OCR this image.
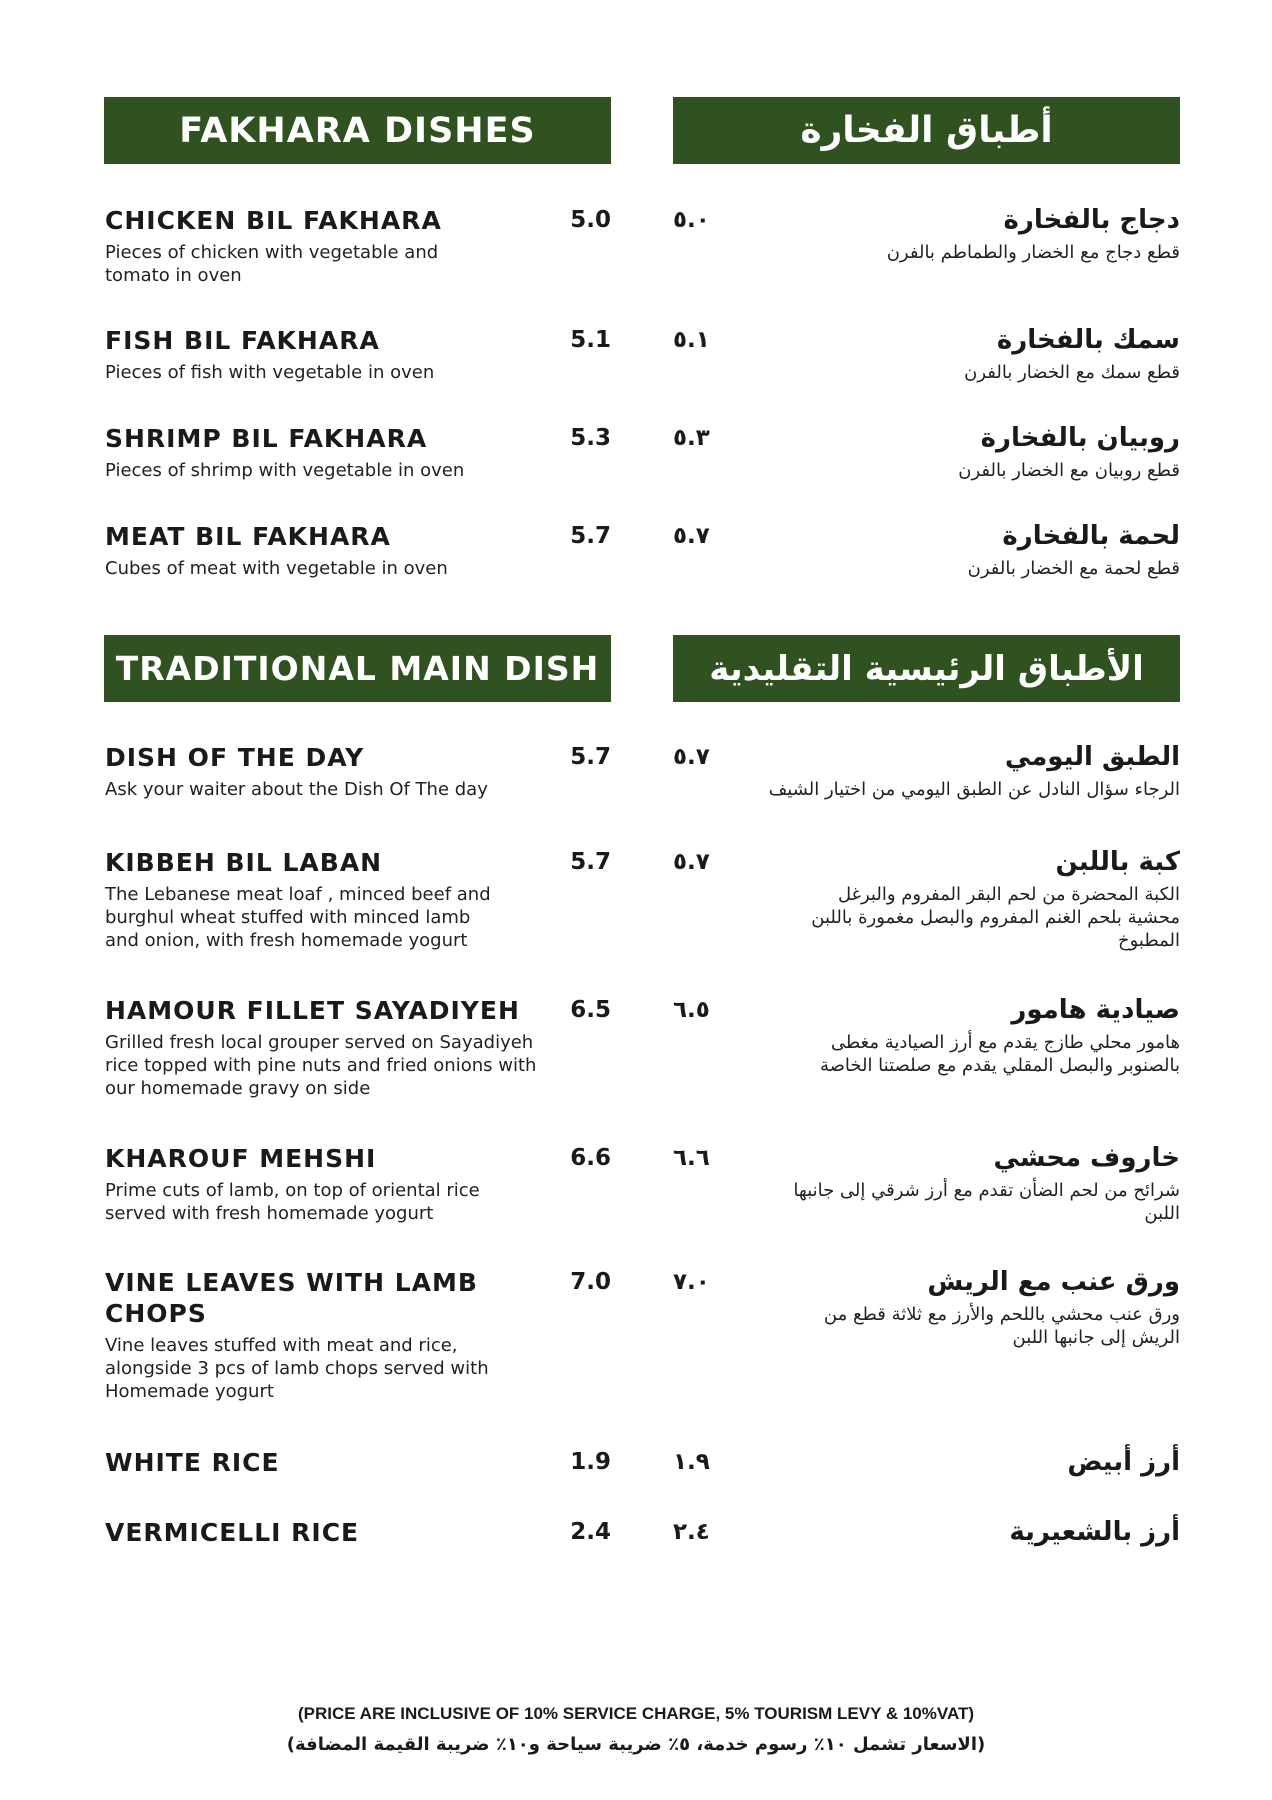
FAKHARA DISHES	أطباق الفخارة
CHICKEN BIL FAKHARA	5.0
Pieces of chicken with vegetable and tomato in oven
دجاج بالفخارة
٥.٠
قطع دجاج مع الخضار والطماطم بالفرن
FISH BIL FAKHARA	5.1
Pieces of fish with vegetable in oven
سمك بالفخارة
٥.١
قطع سمك مع الخضار بالفرن
SHRIMP BIL FAKHARA	5.3
Pieces of shrimp with vegetable in oven
روبيان بالفخارة
٥.٣
قطع روبيان مع الخضار بالفرن
MEAT BIL FAKHARA	5.7
Cubes of meat with vegetable in oven
لحمة بالفخارة
٥.٧
قطع لحمة مع الخضار بالفرن
TRADITIONAL MAIN DISH	الأطباق الرئيسية التقليدية
DISH OF THE DAY	5.7
Ask your waiter about the Dish Of The day
الطبق اليومي
٥.٧
الرجاء سؤال النادل عن الطبق اليومي من اختيار الشيف
KIBBEH BIL LABAN	5.7
The Lebanese meat loaf , minced beef and burghul wheat stuffed with minced lamb and onion, with fresh homemade yogurt
كبة باللبن
٥.٧
الكبة المحضرة من لحم البقر المفروم والبرغل محشية بلحم الغنم المفروم والبصل مغمورة باللبن المطبوخ
HAMOUR FILLET SAYADIYEH 6.5
Grilled fresh local grouper served on Sayadiyeh rice topped with pine nuts and fried onions with our homemade gravy on side
صيادية هامور
٦.٥
هامور محلي طازج يقدم مع أرز الصيادية مغطى بالصنوبر والبصل المقلي يقدم مع صلصتنا الخاصة
KHAROUF MEHSHI	6.6
Prime cuts of lamb, on top of oriental rice served with fresh homemade yogurt
خاروف محشي
٦.٦
شرائح من لحم الضأن تقدم مع أرز شرقي إلى جانبها اللبن
VINE LEAVES WITH LAMB CHOPS
7.0
Vine leaves stuffed with meat and rice, alongside 3 pcs of lamb chops served with Homemade yogurt
ورق عنب مع الريش
٧.٠
ورق عنب محشي باللحم والأرز مع ثلاثة قطع من الريش إلى جانبها اللبن
WHITE RICE	1.9	أرز أبيض
١.٩
VERMICELLI RICE	2.4	أرز بالشعيرية
٢.٤
(PRICE ARE INCLUSIVE OF 10% SERVICE CHARGE, 5% TOURISM LEVY & 10%VAT)
(الاسعار تشمل ١٠٪ رسوم خدمة، ٥٪ ضريبة سياحة و١٠٪ ضريبة القيمة المضافة)
